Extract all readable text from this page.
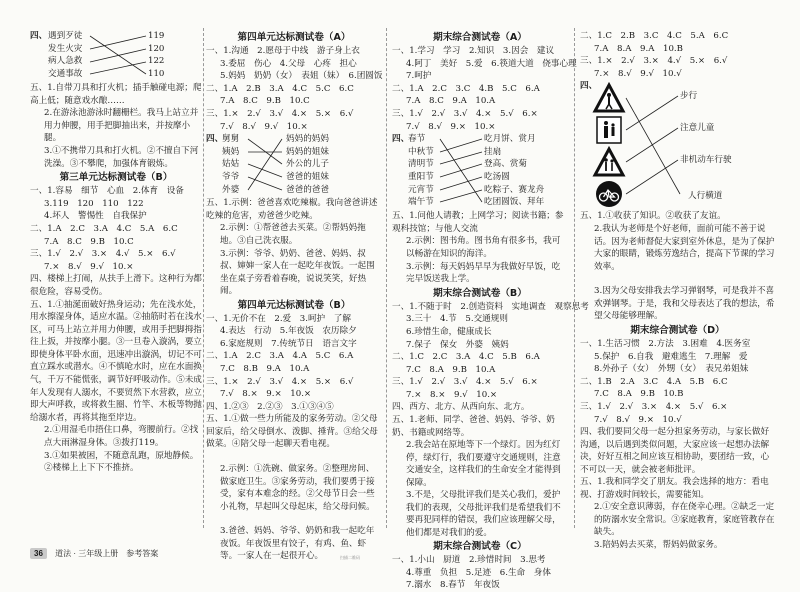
四、 遇到歹徒
发生火灾
病人急救
交通事故
119
120
122
110
五、1.自带刀具和打火机；插手触碰电源；爬高上低；随意戏水酿……
2.在游泳池游泳时翻栅栏。我马上站立并用力伸腰，用手把脚抽出来，并按摩小腿。
3.①不携带刀具和打火机。②不擅自下河洗澡。③不攀爬，加强体育锻炼。
第三单元达标测试卷（B）
一、1.容易　细节　心血　2.体育　设备
3.119　120　110　122
4.坏人　警惕性　自我保护
二、1.A　2.C　3.A　4.C　5.A　6.C
7.A　8.C　9.B　10.C
三、1.√　2.√　3.×　4.√　5.×　6.√
7.×　8.√　9.√　10.×
四、楼梯上打闹，从扶手上滑下。这种行为都很危险，容易受伤。
五、1.①抽涎面破好热身运动；先在浅水处，用水擦湿身体，适应水温。②抽筋时若在浅水区，可马上站立并用力伸腰，或用手把脚拇指往上扳，并按摩小腿。③一旦卷入漩涡，要立即使身体平卧水面，迅速冲出漩涡，切记不可直立踩水或潜水。④不慎呛水时，应在水面换气，千万不能慌张，调节好呼吸动作。⑤未成年人发现有人溺水，不要贸然下水营救，应立即大声呼救，或将救生圈、竹竿、木板等物抛给溺水者，再将其拖至岸边。
2.①用湿毛巾捂住口鼻，弯腰前行。②找点大雨淋湿身体。③拨打119。
3.①如果被困，不随意乱跑，原地静候。②楼梯上上下下不推挤。
第四单元达标测试卷（A）
一、1.沟通　2.愿母于中线　游子身上衣
3.委屈　伤心　4.父母　心疼　担心
5.妈妈　奶奶（女）　表姐（妹）　6.团圆饭
二、1.A　2.B　3.A　4.C　5.C　6.C
7.A　8.C　9.B　10.C
三、1.×　2.√　3.√　4.×　5.×　6.√
7.√　8.√　9.√　10.×
四、
舅舅
姨妈
姑姑
爷爷
外婆
妈妈的妈妈
妈妈的姐妹
外公的儿子
爸爸的姐妹
爸爸的爸爸
五、1.示例：爸爸喜欢吃辣椒。我向爸爸讲述吃辣的危害，劝爸爸少吃辣。
2.示例：①帮爸爸去买菜。②帮妈妈拖地。③自己洗衣服。
3.示例：爷爷、奶奶、爸爸、妈妈、叔叔、婶婶一家人在一起吃年夜饭。一起围坐在桌子旁看着春晚，说说笑笑，好热闹。
第四单元达标测试卷（B）
一、1.无价不在　2.爱　3.呵护　了解
4.表达　行动　5.年夜饭　农历除夕
6.家庭规则　7.传统节日　语言文字
二、1.A　2.C　3.A　4.A　5.C　6.A
7.C　8.B　9.A　10.A
三、1.×　2.√　3.√　4.×　5.×　6.√
7.√　8.×　9.×　10.×
四、1.②③　2.②③　3.①③④⑤
五、1.①做一些力所能及的家务劳动。②父母回家后，给父母倒水、泼脚、捶背。③给父母做菜。④陪父母一起聊天看电视。
2.示例：①洗碗、做家务。②整理房间、做家庭卫生。③家务劳动，我们要勇于接受，家有本难念的经。②父母节日会一些小礼物，早起叫父母起床，给父母问候。
3.爸爸、妈妈、爷爷、奶奶和我一起吃年夜饭。年夜饭里有饺子，有鸡、鱼、虾等。一家人在一起很开心。
期末综合测试卷（A）
一、1.学习　学习　2.知识　3.因会　建议
4.阿丁　美好　5.爱　6.筷道大道　侥事心理
7.呵护
二、1.A　2.C　3.C　4.B　5.C　6.A
7.A　8.C　9.A　10.A
三、1.√　2.√　3.√　4.×　5.√　6.×
7.√　8.√　9.×　10.×
四、
春节
中秋节
清明节
重阳节
元宵节
端午节
吃月饼、赏月
挂扇
登高、赏菊
吃汤圆
吃粽子、赛龙舟
吃团圆饭、拜年
五、1.问他人请教；上网学习；阅读书籍；参观科技馆；与他人交流
2.示例：图书角。图书角有很多书，我可以畅游在知识的海洋。
3.示例：每天妈妈早早为我做好早饭，吃完早饭送我上学。
期末综合测试卷（B）
一、1.不随于时　2.创造资料　实地调查　观察思考
3.三十　4.节　5.交通规则
6.珍惜生命，健康成长
7.保子　保女　外婆　姨妈
二、1.C　2.C　3.A　4.C　5.B　6.A
7.C　8.A　9.B　10.A
三、1.√　2.√　3.√　4.×　5.√　6.×
7.×　8.×　9.√　10.×
四、西方、北方、从西向东、北方。
五、1.老师、同学、爸爸、妈妈、爷爷、奶奶、书籍或网络等。
2.我会站在原地等下一个绿灯。因为红灯停，绿灯行，我们要遵守交通规则，注意交通安全，这样我们的生命安全才能得到保障。
3.不是，父母批评我们是关心我们，爱护我们的表现，父母批评我们是希望我们不要再犯同样的错误，我们应该理解父母，他们都是对我们的爱。
期末综合测试卷（C）
一、1.小山　厨道　2.珍惜时间　3.思考
4.尊重　负担　5.足迹　6.生命　身体
7.溺水　8.春节　年夜饭
二、1.C　2.B　3.C　4.C　5.A　6.C
7.A　8.A　9.A　10.B
三、1.×　2.√　3.×　4.√　5.×　6.√
7.×　8.√　9.√　10.√
四、
步行
注意儿童
非机动车行驶
人行横道
五、1.①收获了知识。②收获了友谊。
2.我认为老师是个好老师，面前可能不善于说话。因为老师督促大家到室外休息，是为了保护大家的眼睛，锻炼劳逸结合，提高下节课的学习效率。
3.因为父母安排我去学习弹钢琴，可是我并不喜欢弹钢琴。于是，我和父母表达了我的想法，希望父母能够理解。
期末综合测试卷（D）
一、1.生活习惯　2.方法　3.困难　4.医务室
5.保护　6.自我　避难逃生　7.理解　爱
8.外孙子（女）　外甥（女）　表兄弟姐妹
二、1.B　2.A　3.C　4.A　5.B　6.C
7.C　8.A　9.B　10.B
三、1.√　2.√　3.×　4.×　5.√　6.×
7.√　8.√　9.×　10.√
四、我们要同父母一起分担家务劳动，与家长做好沟通，以后遇到类似问题，大家应该一起想办法解决，好好互相之间应该互相协助，要团结一致，心不可以一天，就会被老师批评。
五、1.我和同学交了朋友。我会选择的地方：看电视、打游戏时间较长，需要能知。
2.①安全意识薄弱，存在侥幸心理。②缺乏一定的防溺水安全常识。③家庭教育，家庭管教存在缺失。
3.陪妈妈去买菜，帮妈妈做家务。
36 道法 · 三年级上册　参考答案	扫描二维码
